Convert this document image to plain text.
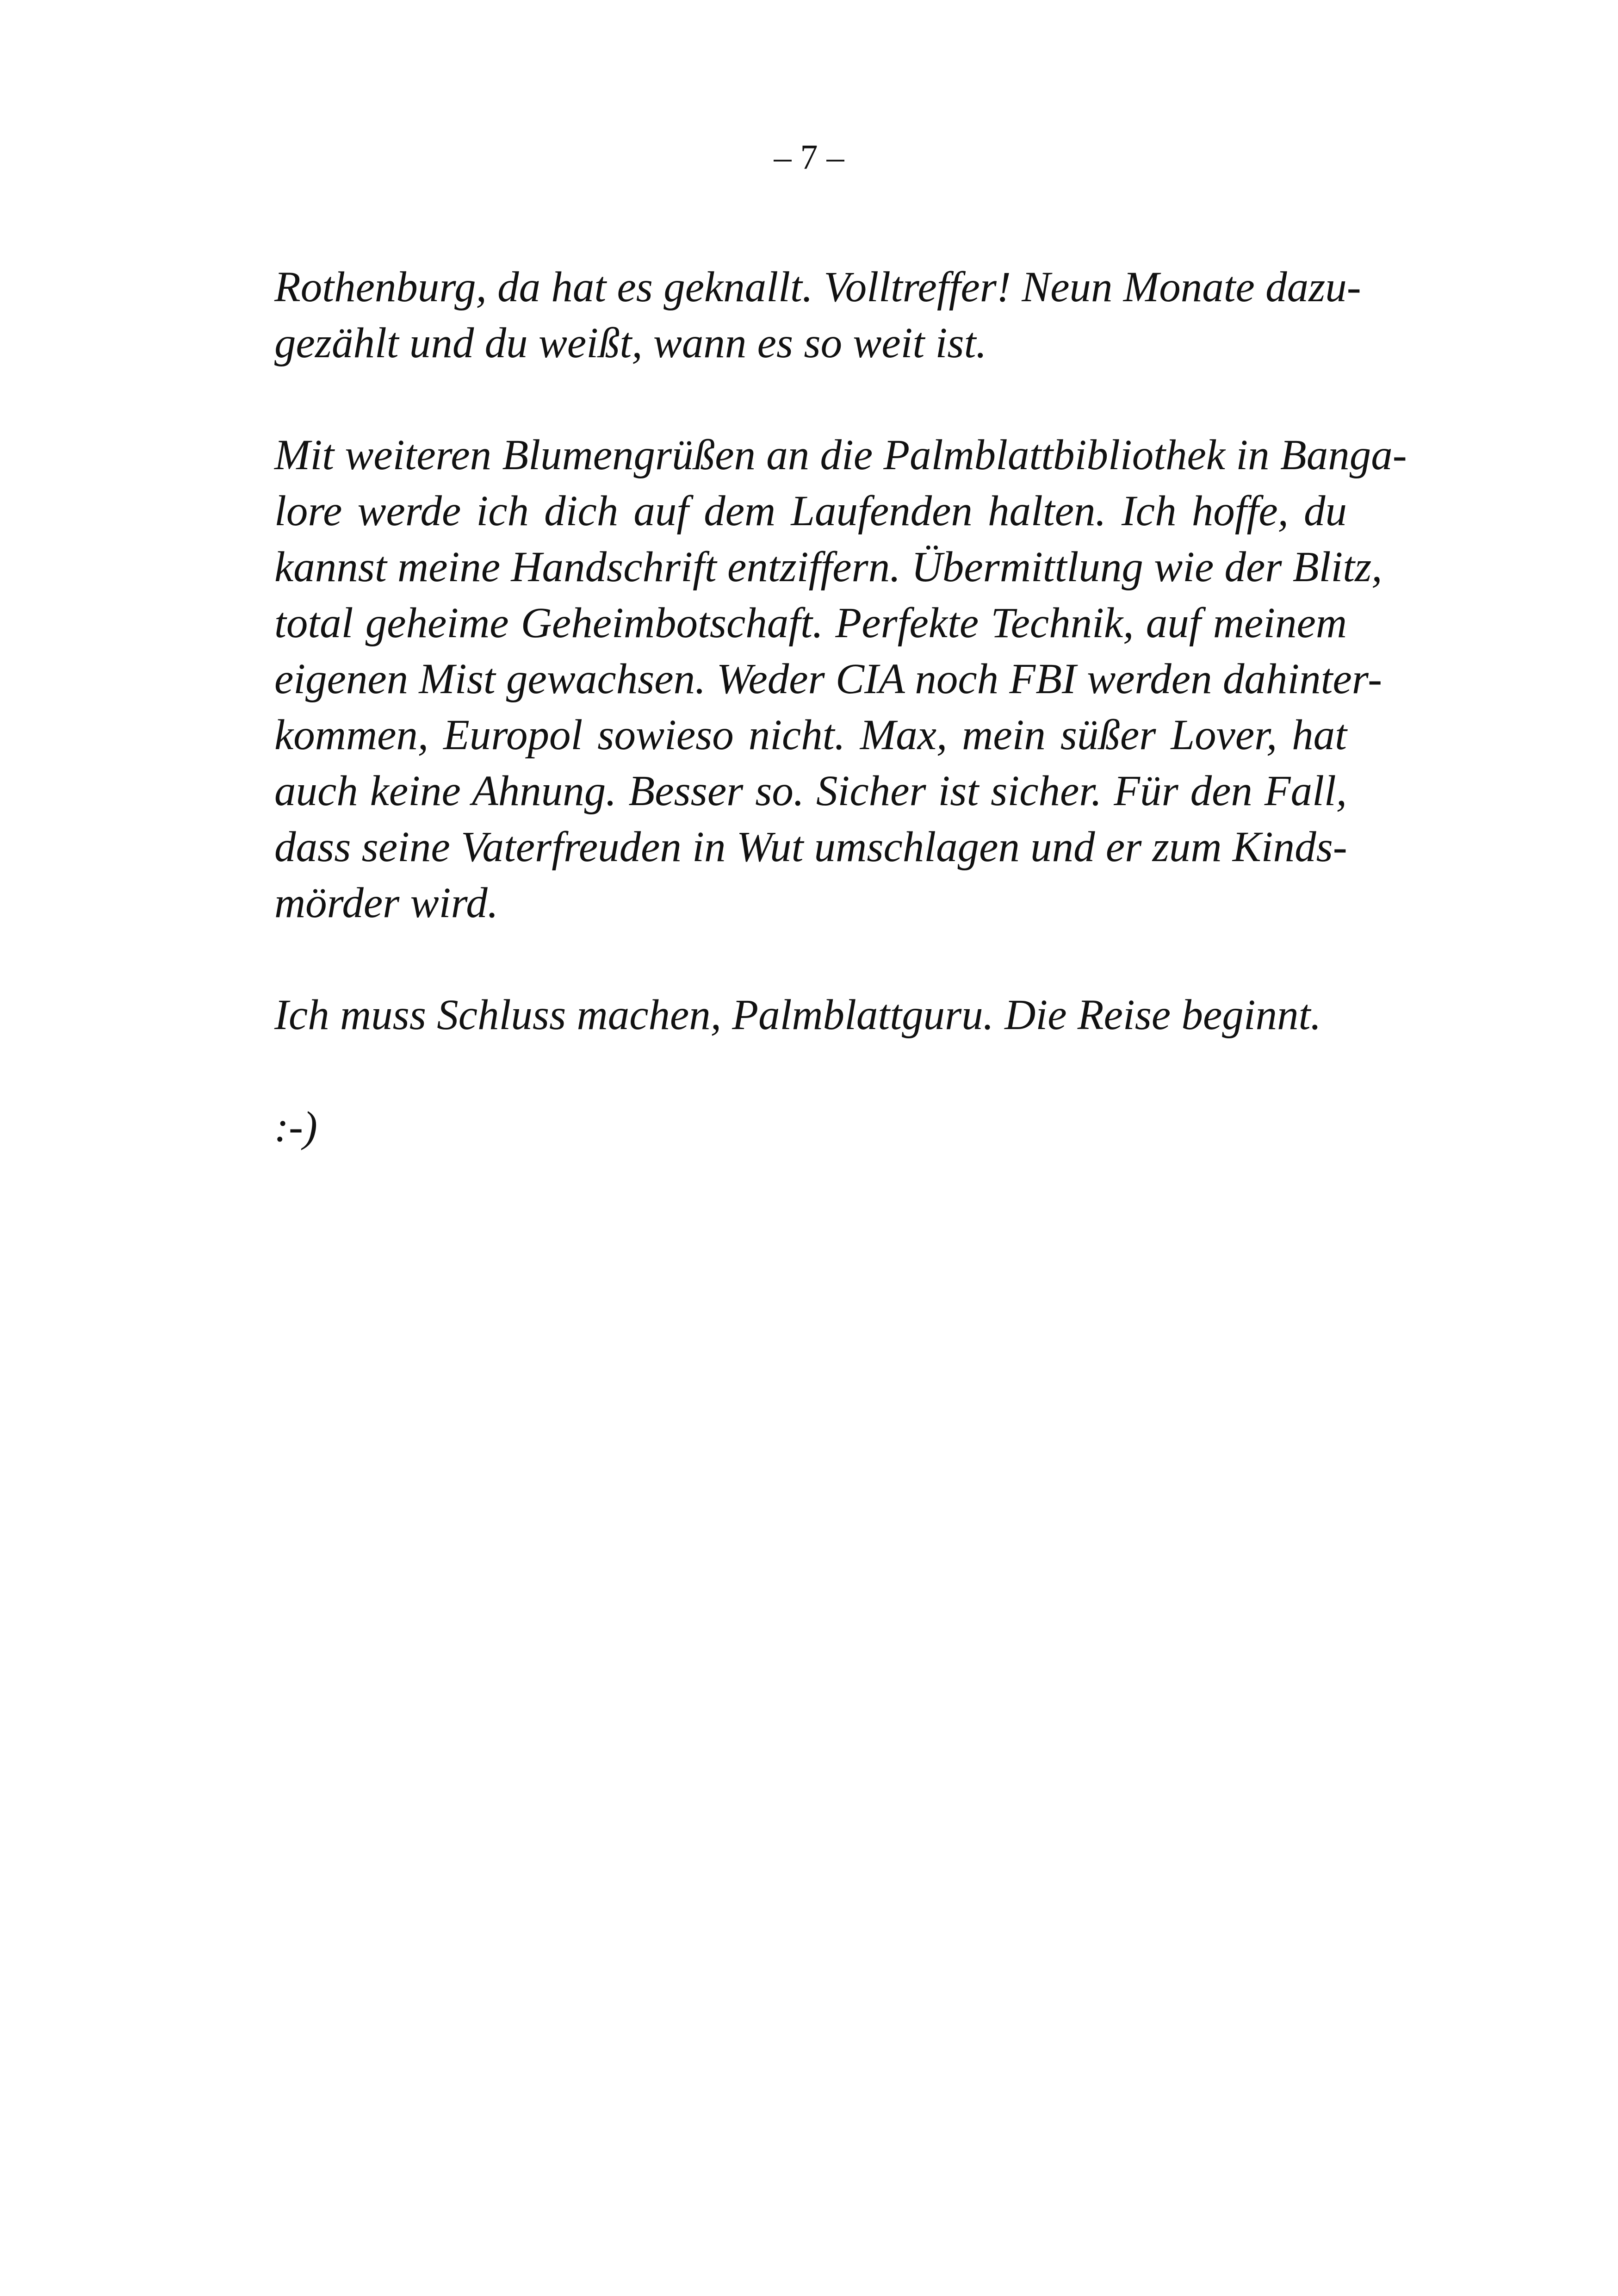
– 7 –

Rothenburg, da hat es geknallt. Volltreffer! Neun Monate dazu-
gezählt und du weißt, wann es so weit ist.

Mit weiteren Blumengrüßen an die Palmblattbibliothek in Banga-
lore werde ich dich auf dem Laufenden halten. Ich hoffe, du
kannst meine Handschrift entziffern. Übermittlung wie der Blitz,
total geheime Geheimbotschaft. Perfekte Technik, auf meinem
eigenen Mist gewachsen. Weder CIA noch FBI werden dahinter-
kommen, Europol sowieso nicht. Max, mein süßer Lover, hat
auch keine Ahnung. Besser so. Sicher ist sicher. Für den Fall,
dass seine Vaterfreuden in Wut umschlagen und er zum Kinds-
mörder wird.

Ich muss Schluss machen, Palmblattguru. Die Reise beginnt.

:-)
